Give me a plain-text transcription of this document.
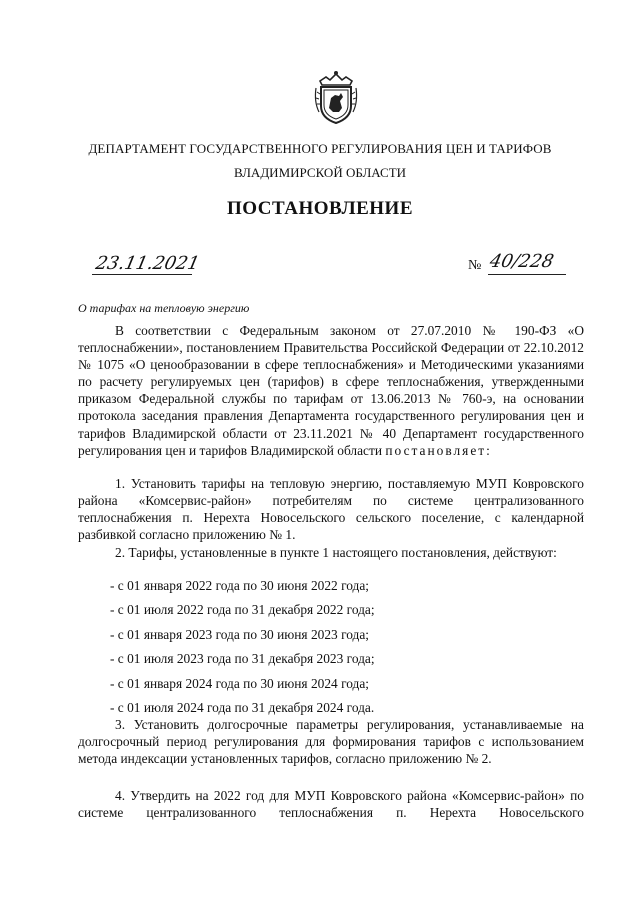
ДЕПАРТАМЕНТ ГОСУДАРСТВЕННОГО РЕГУЛИРОВАНИЯ ЦЕН И ТАРИФОВ
ВЛАДИМИРСКОЙ ОБЛАСТИ
ПОСТАНОВЛЕНИЕ
23.11.2021	№ 40/228
О тарифах на тепловую энергию

В соответствии с Федеральным законом от 27.07.2010 № 190-ФЗ «О теплоснабжении», постановлением Правительства Российской Федерации от 22.10.2012 № 1075 «О ценообразовании в сфере теплоснабжения» и Методическими указаниями по расчету регулируемых цен (тарифов) в сфере теплоснабжения, утвержденными приказом Федеральной службы по тарифам от 13.06.2013 № 760-э, на основании протокола заседания правления Департамента государственного регулирования цен и тарифов Владимирской области от 23.11.2021 № 40 Департамент государственного регулирования цен и тарифов Владимирской области постановляет:

1. Установить тарифы на тепловую энергию, поставляемую МУП Ковровского района «Комсервис-район» потребителям по системе централизованного теплоснабжения п. Нерехта Новосельского сельского поселение, с календарной разбивкой согласно приложению № 1.

2. Тарифы, установленные в пункте 1 настоящего постановления, действуют:

- с 01 января 2022 года по 30 июня 2022 года;

- с 01 июля 2022 года по 31 декабря 2022 года;

- с 01 января 2023 года по 30 июня 2023 года;

- с 01 июля 2023 года по 31 декабря 2023 года;

- с 01 января 2024 года по 30 июня 2024 года;

- с 01 июля 2024 года по 31 декабря 2024 года.

3. Установить долгосрочные параметры регулирования, устанавливаемые на долгосрочный период регулирования для формирования тарифов с использованием метода индексации установленных тарифов, согласно приложению № 2.

4. Утвердить на 2022 год для МУП Ковровского района «Комсервис-район» по системе централизованного теплоснабжения п. Нерехта Новосельского
